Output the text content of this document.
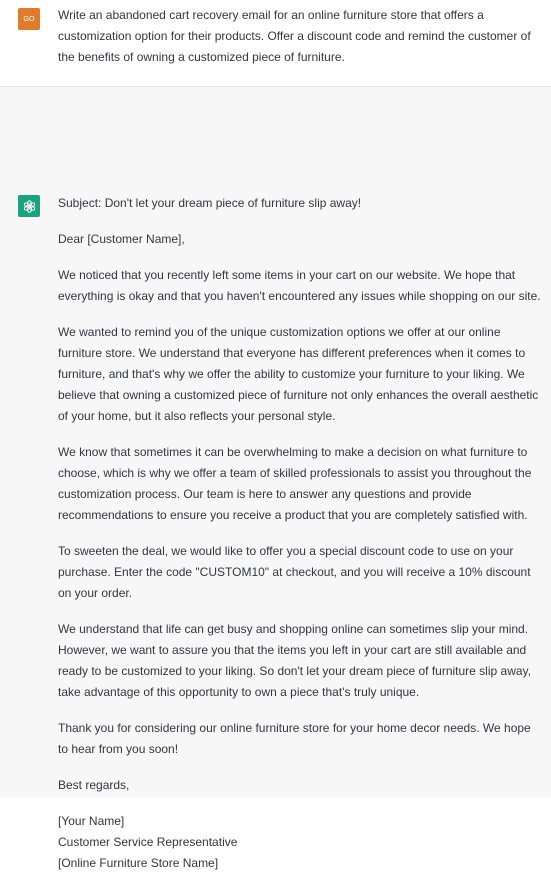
GO Write an abandoned cart recovery email for an online furniture store that offers a customization option for their products. Offer a discount code and remind the customer of the benefits of owning a customized piece of furniture.

Subject: Don't let your dream piece of furniture slip away!

Dear [Customer Name],

We noticed that you recently left some items in your cart on our website. We hope that everything is okay and that you haven't encountered any issues while shopping on our site.

We wanted to remind you of the unique customization options we offer at our online furniture store. We understand that everyone has different preferences when it comes to furniture, and that's why we offer the ability to customize your furniture to your liking. We believe that owning a customized piece of furniture not only enhances the overall aesthetic of your home, but it also reflects your personal style.

We know that sometimes it can be overwhelming to make a decision on what furniture to choose, which is why we offer a team of skilled professionals to assist you throughout the customization process. Our team is here to answer any questions and provide recommendations to ensure you receive a product that you are completely satisfied with.

To sweeten the deal, we would like to offer you a special discount code to use on your purchase. Enter the code "CUSTOM10" at checkout, and you will receive a 10% discount on your order.

We understand that life can get busy and shopping online can sometimes slip your mind. However, we want to assure you that the items you left in your cart are still available and ready to be customized to your liking. So don't let your dream piece of furniture slip away, take advantage of this opportunity to own a piece that's truly unique.

Thank you for considering our online furniture store for your home decor needs. We hope to hear from you soon!

Best regards,

[Your Name]
Customer Service Representative
[Online Furniture Store Name]
